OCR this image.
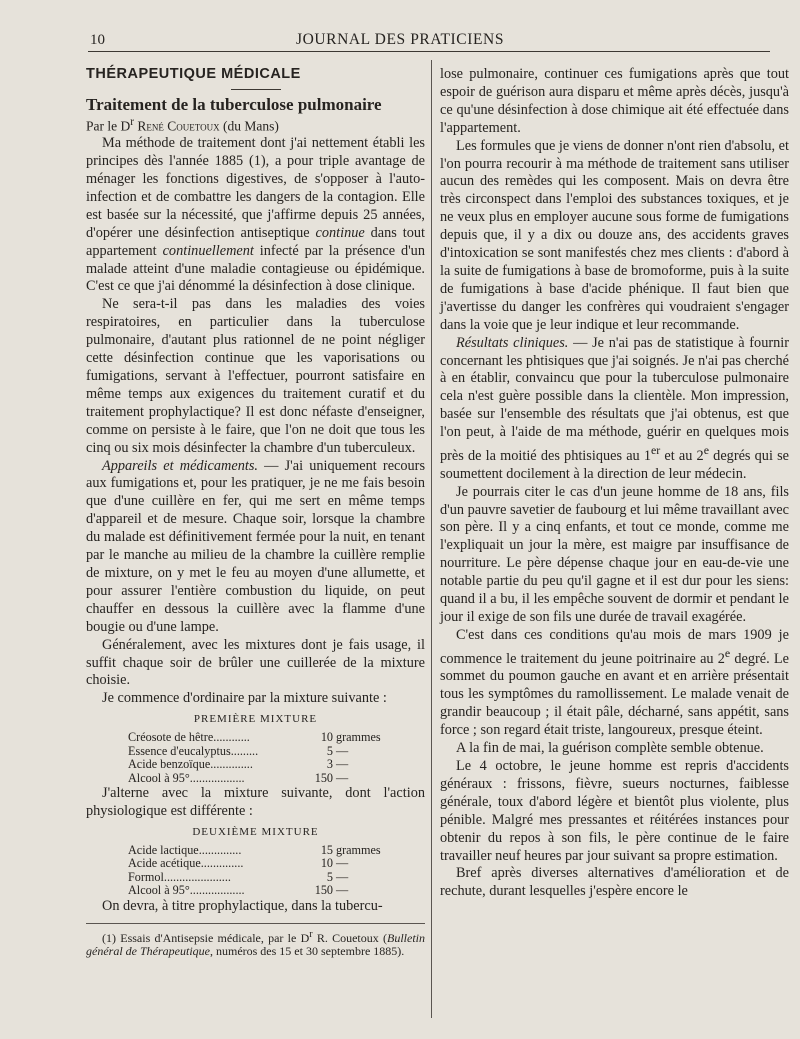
10	JOURNAL DES PRATICIENS

THÉRAPEUTIQUE MÉDICALE

Traitement de la tuberculose pulmonaire

Par le $D^r$ René Couetoux (du Mans)

Ma méthode de traitement dont j'ai nettement établi les principes dès l'année 1885 (1), a pour triple avantage de ménager les fonctions digestives, de s'opposer à l'auto-infection et de combattre les dangers de la contagion. Elle est basée sur la nécessité, que j'affirme depuis 25 années, d'opérer une désinfection antiseptique continue dans tout appartement continuellement infecté par la présence d'un malade atteint d'une maladie contagieuse ou épidémique. C'est ce que j'ai dénommé la désinfection à dose clinique.

Ne sera-t-il pas dans les maladies des voies respiratoires, en particulier dans la tuberculose pulmonaire, d'autant plus rationnel de ne point négliger cette désinfection continue que les vaporisations ou fumigations, servant à l'effectuer, pourront satisfaire en même temps aux exigences du traitement curatif et du traitement prophylactique? Il est donc néfaste d'enseigner, comme on persiste à le faire, que l'on ne doit que tous les cinq ou six mois désinfecter la chambre d'un tuberculeux.

Appareils et médicaments. — J'ai uniquement recours aux fumigations et, pour les pratiquer, je ne me fais besoin que d'une cuillère en fer, qui me sert en même temps d'appareil et de mesure. Chaque soir, lorsque la chambre du malade est définitivement fermée pour la nuit, en tenant par le manche au milieu de la chambre la cuillère remplie de mixture, on y met le feu au moyen d'une allumette, et pour assurer l'entière combustion du liquide, on peut chauffer en dessous la cuillère avec la flamme d'une bougie ou d'une lampe.

Généralement, avec les mixtures dont je fais usage, il suffit chaque soir de brûler une cuillerée de la mixture choisie.

Je commence d'ordinaire par la mixture suivante :

PREMIÈRE MIXTURE
Créosote de hêtre............	10	grammes
Essence d'eucalyptus.........	5	—
Acide benzoïque..............	3	—
Alcool à 95°..................	150	—

J'alterne avec la mixture suivante, dont l'action physiologique est différente :

DEUXIÈME MIXTURE
Acide lactique..............	15	grammes
Acide acétique..............	10	—
Formol......................	5	—
Alcool à 95°..................	150	—

On devra, à titre prophylactique, dans la tubercu-

(1) Essais d'Antisepsie médicale, par le $D^r$ R. Couetoux (Bulletin général de Thérapeutique, numéros des 15 et 30 septembre 1885).

lose pulmonaire, continuer ces fumigations après que tout espoir de guérison aura disparu et même après décès, jusqu'à ce qu'une désinfection à dose chimique ait été effectuée dans l'appartement.

Les formules que je viens de donner n'ont rien d'absolu, et l'on pourra recourir à ma méthode de traitement sans utiliser aucun des remèdes qui les composent. Mais on devra être très circonspect dans l'emploi des substances toxiques, et je ne veux plus en employer aucune sous forme de fumigations depuis que, il y a dix ou douze ans, des accidents graves d'intoxication se sont manifestés chez mes clients : d'abord à la suite de fumigations à base de bromoforme, puis à la suite de fumigations à base d'acide phénique. Il faut bien que j'avertisse du danger les confrères qui voudraient s'engager dans la voie que je leur indique et leur recommande.

Résultats cliniques. — Je n'ai pas de statistique à fournir concernant les phtisiques que j'ai soignés. Je n'ai pas cherché à en établir, convaincu que pour la tuberculose pulmonaire cela n'est guère possible dans la clientèle. Mon impression, basée sur l'ensemble des résultats que j'ai obtenus, est que l'on peut, à l'aide de ma méthode, guérir en quelques mois près de la moitié des phtisiques au 1er et au 2e degrés qui se soumettent docilement à la direction de leur médecin.

Je pourrais citer le cas d'un jeune homme de 18 ans, fils d'un pauvre savetier de faubourg et lui même travaillant avec son père. Il y a cinq enfants, et tout ce monde, comme me l'expliquait un jour la mère, est maigre par insuffisance de nourriture. Le père dépense chaque jour en eau-de-vie une notable partie du peu qu'il gagne et il est dur pour les siens: quand il a bu, il les empêche souvent de dormir et pendant le jour il exige de son fils une durée de travail exagérée.

C'est dans ces conditions qu'au mois de mars 1909 je commence le traitement du jeune poitrinaire au 2e degré. Le sommet du poumon gauche en avant et en arrière présentait tous les symptômes du ramollissement. Le malade venait de grandir beaucoup ; il était pâle, décharné, sans appétit, sans force ; son regard était triste, langoureux, presque éteint.

A la fin de mai, la guérison complète semble obtenue.

Le 4 octobre, le jeune homme est repris d'accidents généraux : frissons, fièvre, sueurs nocturnes, faiblesse générale, toux d'abord légère et bientôt plus violente, plus pénible. Malgré mes pressantes et réitérées instances pour obtenir du repos à son fils, le père continue de le faire travailler neuf heures par jour suivant sa propre estimation.

Bref après diverses alternatives d'amélioration et de rechute, durant lesquelles j'espère encore le
